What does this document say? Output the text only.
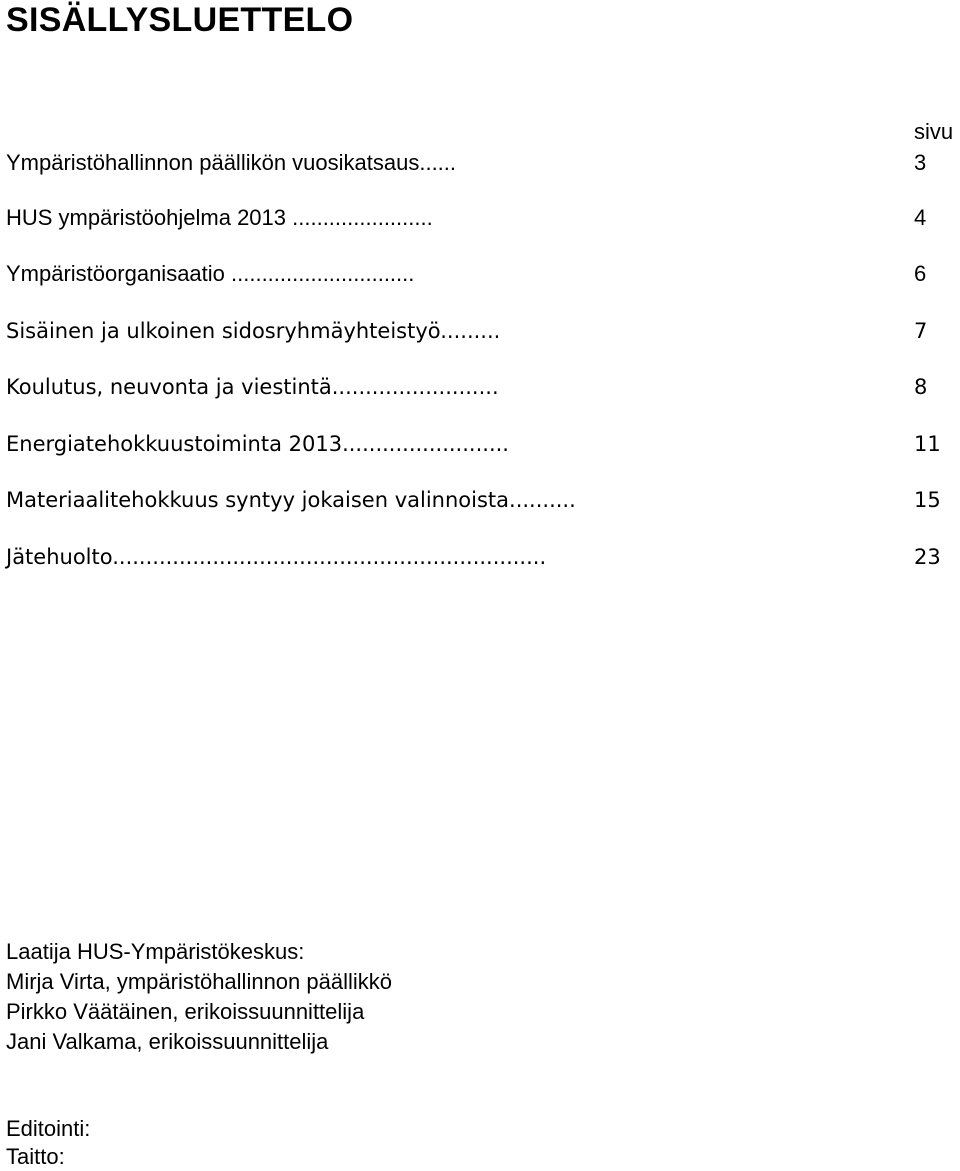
SISÄLLYSLUETTELO
sivu
Ympäristöhallinnon päällikön vuosikatsaus......	3
HUS ympäristöohjelma 2013 .......................	4
Ympäristöorganisaatio ..............................	6
Sisäinen ja ulkoinen sidosryhmäyhteistyö.........	7
Koulutus, neuvonta ja viestintä.........................	8
Energiatehokkuustoiminta 2013.........................	11
Materiaalitehokkuus syntyy jokaisen valinnoista..........	15
Jätehuolto.................................................................	23
Laatija HUS-Ympäristökeskus:
Mirja Virta, ympäristöhallinnon päällikkö
Pirkko Väätäinen, erikoissuunnittelija
Jani Valkama, erikoissuunnittelija
Editointi:
Taitto:
